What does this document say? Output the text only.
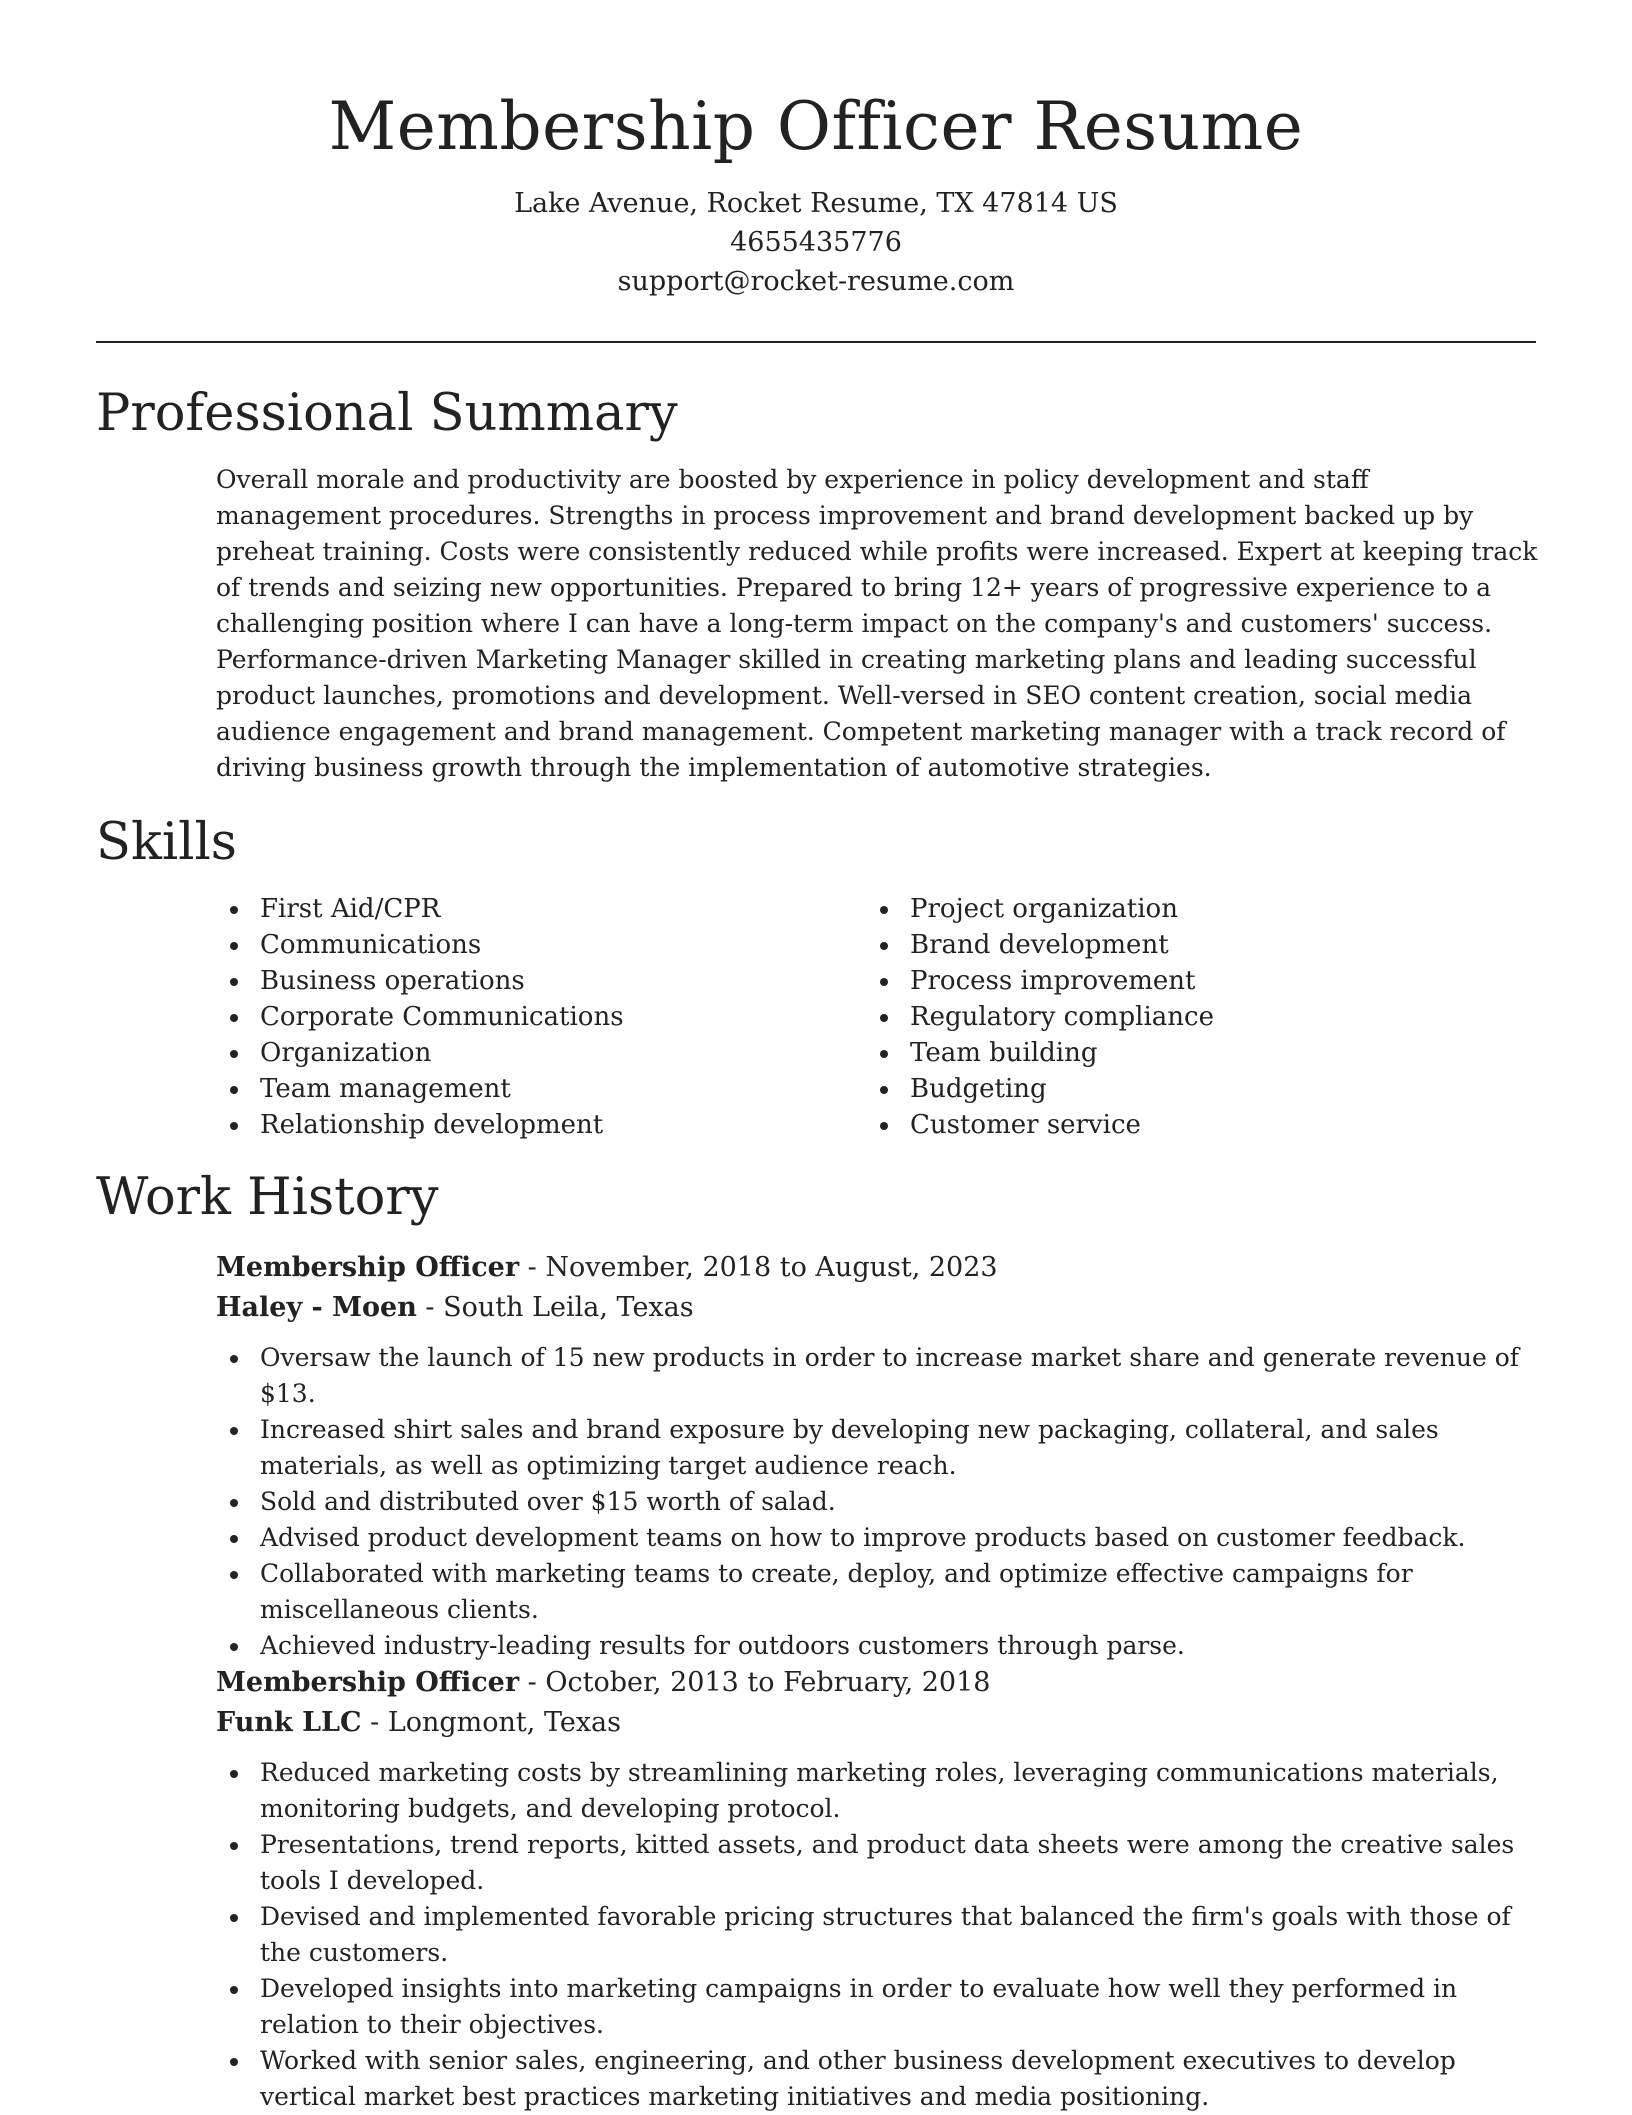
Membership Officer Resume
Lake Avenue, Rocket Resume, TX 47814 US
4655435776
support@rocket-resume.com
Professional Summary

Overall morale and productivity are boosted by experience in policy development and staff management procedures. Strengths in process improvement and brand development backed up by preheat training. Costs were consistently reduced while profits were increased. Expert at keeping track of trends and seizing new opportunities. Prepared to bring 12+ years of progressive experience to a challenging position where I can have a long-term impact on the company's and customers' success. Performance-driven Marketing Manager skilled in creating marketing plans and leading successful product launches, promotions and development. Well-versed in SEO content creation, social media audience engagement and brand management. Competent marketing manager with a track record of driving business growth through the implementation of automotive strategies.

Skills
First Aid/CPR
Communications
Business operations
Corporate Communications
Organization
Team management
Relationship development
Project organization
Brand development
Process improvement
Regulatory compliance
Team building
Budgeting
Customer service
Work History
Membership Officer - November, 2018 to August, 2023
Haley - Moen - South Leila, Texas
Oversaw the launch of 15 new products in order to increase market share and generate revenue of $13.
Increased shirt sales and brand exposure by developing new packaging, collateral, and sales materials, as well as optimizing target audience reach.
Sold and distributed over $15 worth of salad.
Advised product development teams on how to improve products based on customer feedback.
Collaborated with marketing teams to create, deploy, and optimize effective campaigns for miscellaneous clients.
Achieved industry-leading results for outdoors customers through parse.
Membership Officer - October, 2013 to February, 2018
Funk LLC - Longmont, Texas
Reduced marketing costs by streamlining marketing roles, leveraging communications materials, monitoring budgets, and developing protocol.
Presentations, trend reports, kitted assets, and product data sheets were among the creative sales tools I developed.
Devised and implemented favorable pricing structures that balanced the firm's goals with those of the customers.
Developed insights into marketing campaigns in order to evaluate how well they performed in relation to their objectives.
Worked with senior sales, engineering, and other business development executives to develop vertical market best practices marketing initiatives and media positioning.
